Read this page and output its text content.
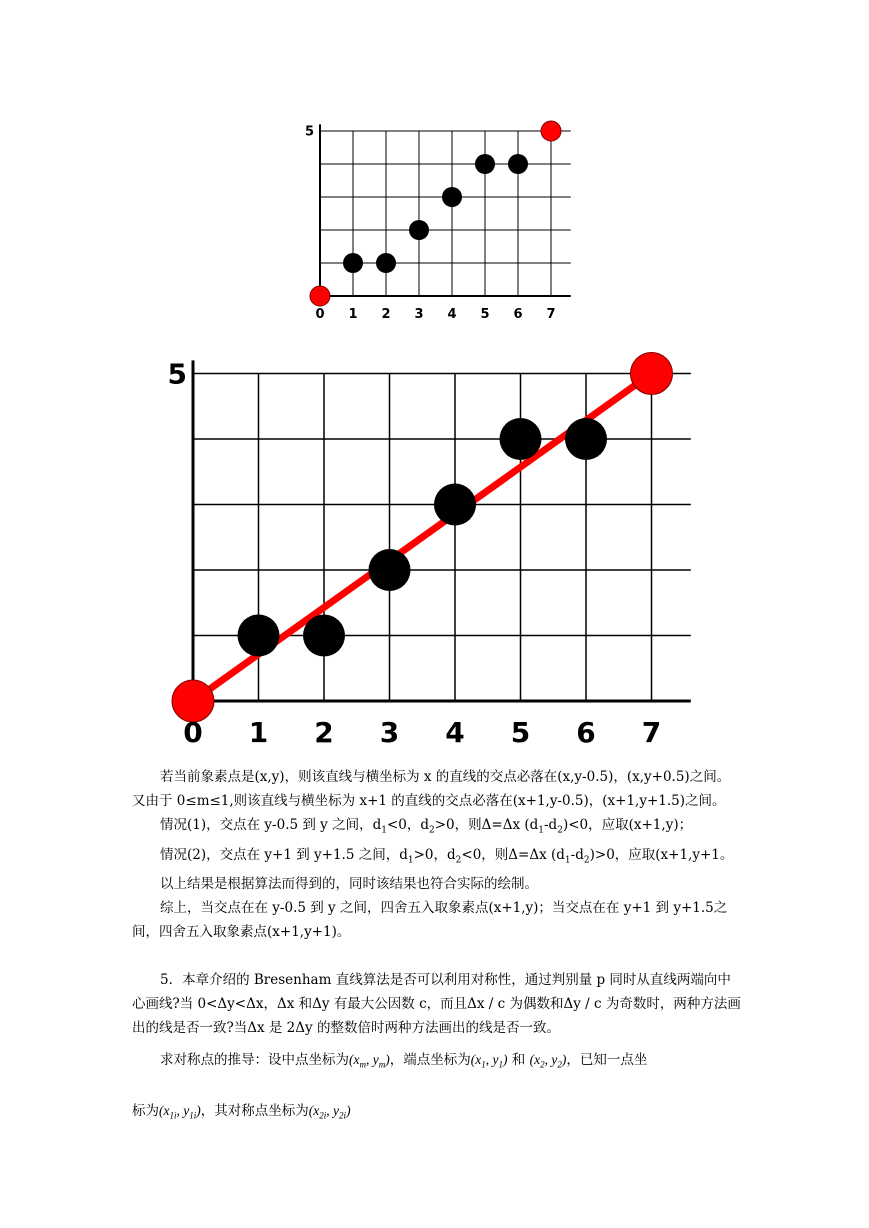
0 1 2 3 4 5 6 7
5
0 1 2 3 4 5 6 7
5

若当前象素点是(x,y)，则该直线与横坐标为 x 的直线的交点必落在(x,y-0.5)，(x,y+0.5)之间。又由于 0≤m≤1,则该直线与横坐标为 x+1 的直线的交点必落在(x+1,y-0.5)，(x+1,y+1.5)之间。

情况(1)，交点在 y-0.5 到 y 之间，$d_1<0$，$d_2>0$，则Δ=Δx $(d_1-d_2)<0$，应取(x+1,y)；

情况(2)，交点在 y+1 到 y+1.5 之间，$d_1>0$，$d_2<0$，则Δ=Δx $(d_1-d_2)>0$，应取(x+1,y+1。

以上结果是根据算法而得到的，同时该结果也符合实际的绘制。

综上，当交点在在 y-0.5 到 y 之间，四舍五入取象素点(x+1,y)；当交点在在 y+1 到 y+1.5之间，四舍五入取象素点(x+1,y+1)。

5．本章介绍的 Bresenham 直线算法是否可以利用对称性，通过判别量 p 同时从直线两端向中心画线?当 0<Δy<Δx，Δx 和Δy 有最大公因数 c，而且Δx / c 为偶数和Δy / c 为奇数时，两种方法画出的线是否一致?当Δx 是 2Δy 的整数倍时两种方法画出的线是否一致。

求对称点的推导：设中点坐标为($x_m$, $y_m$)，端点坐标为($x_1$, $y_1$) 和 ($x_2$, $y_2$)，已知一点坐

标为($x_{1i}$, $y_{1i}$)，其对称点坐标为($x_{2i}$, $y_{2i}$)
